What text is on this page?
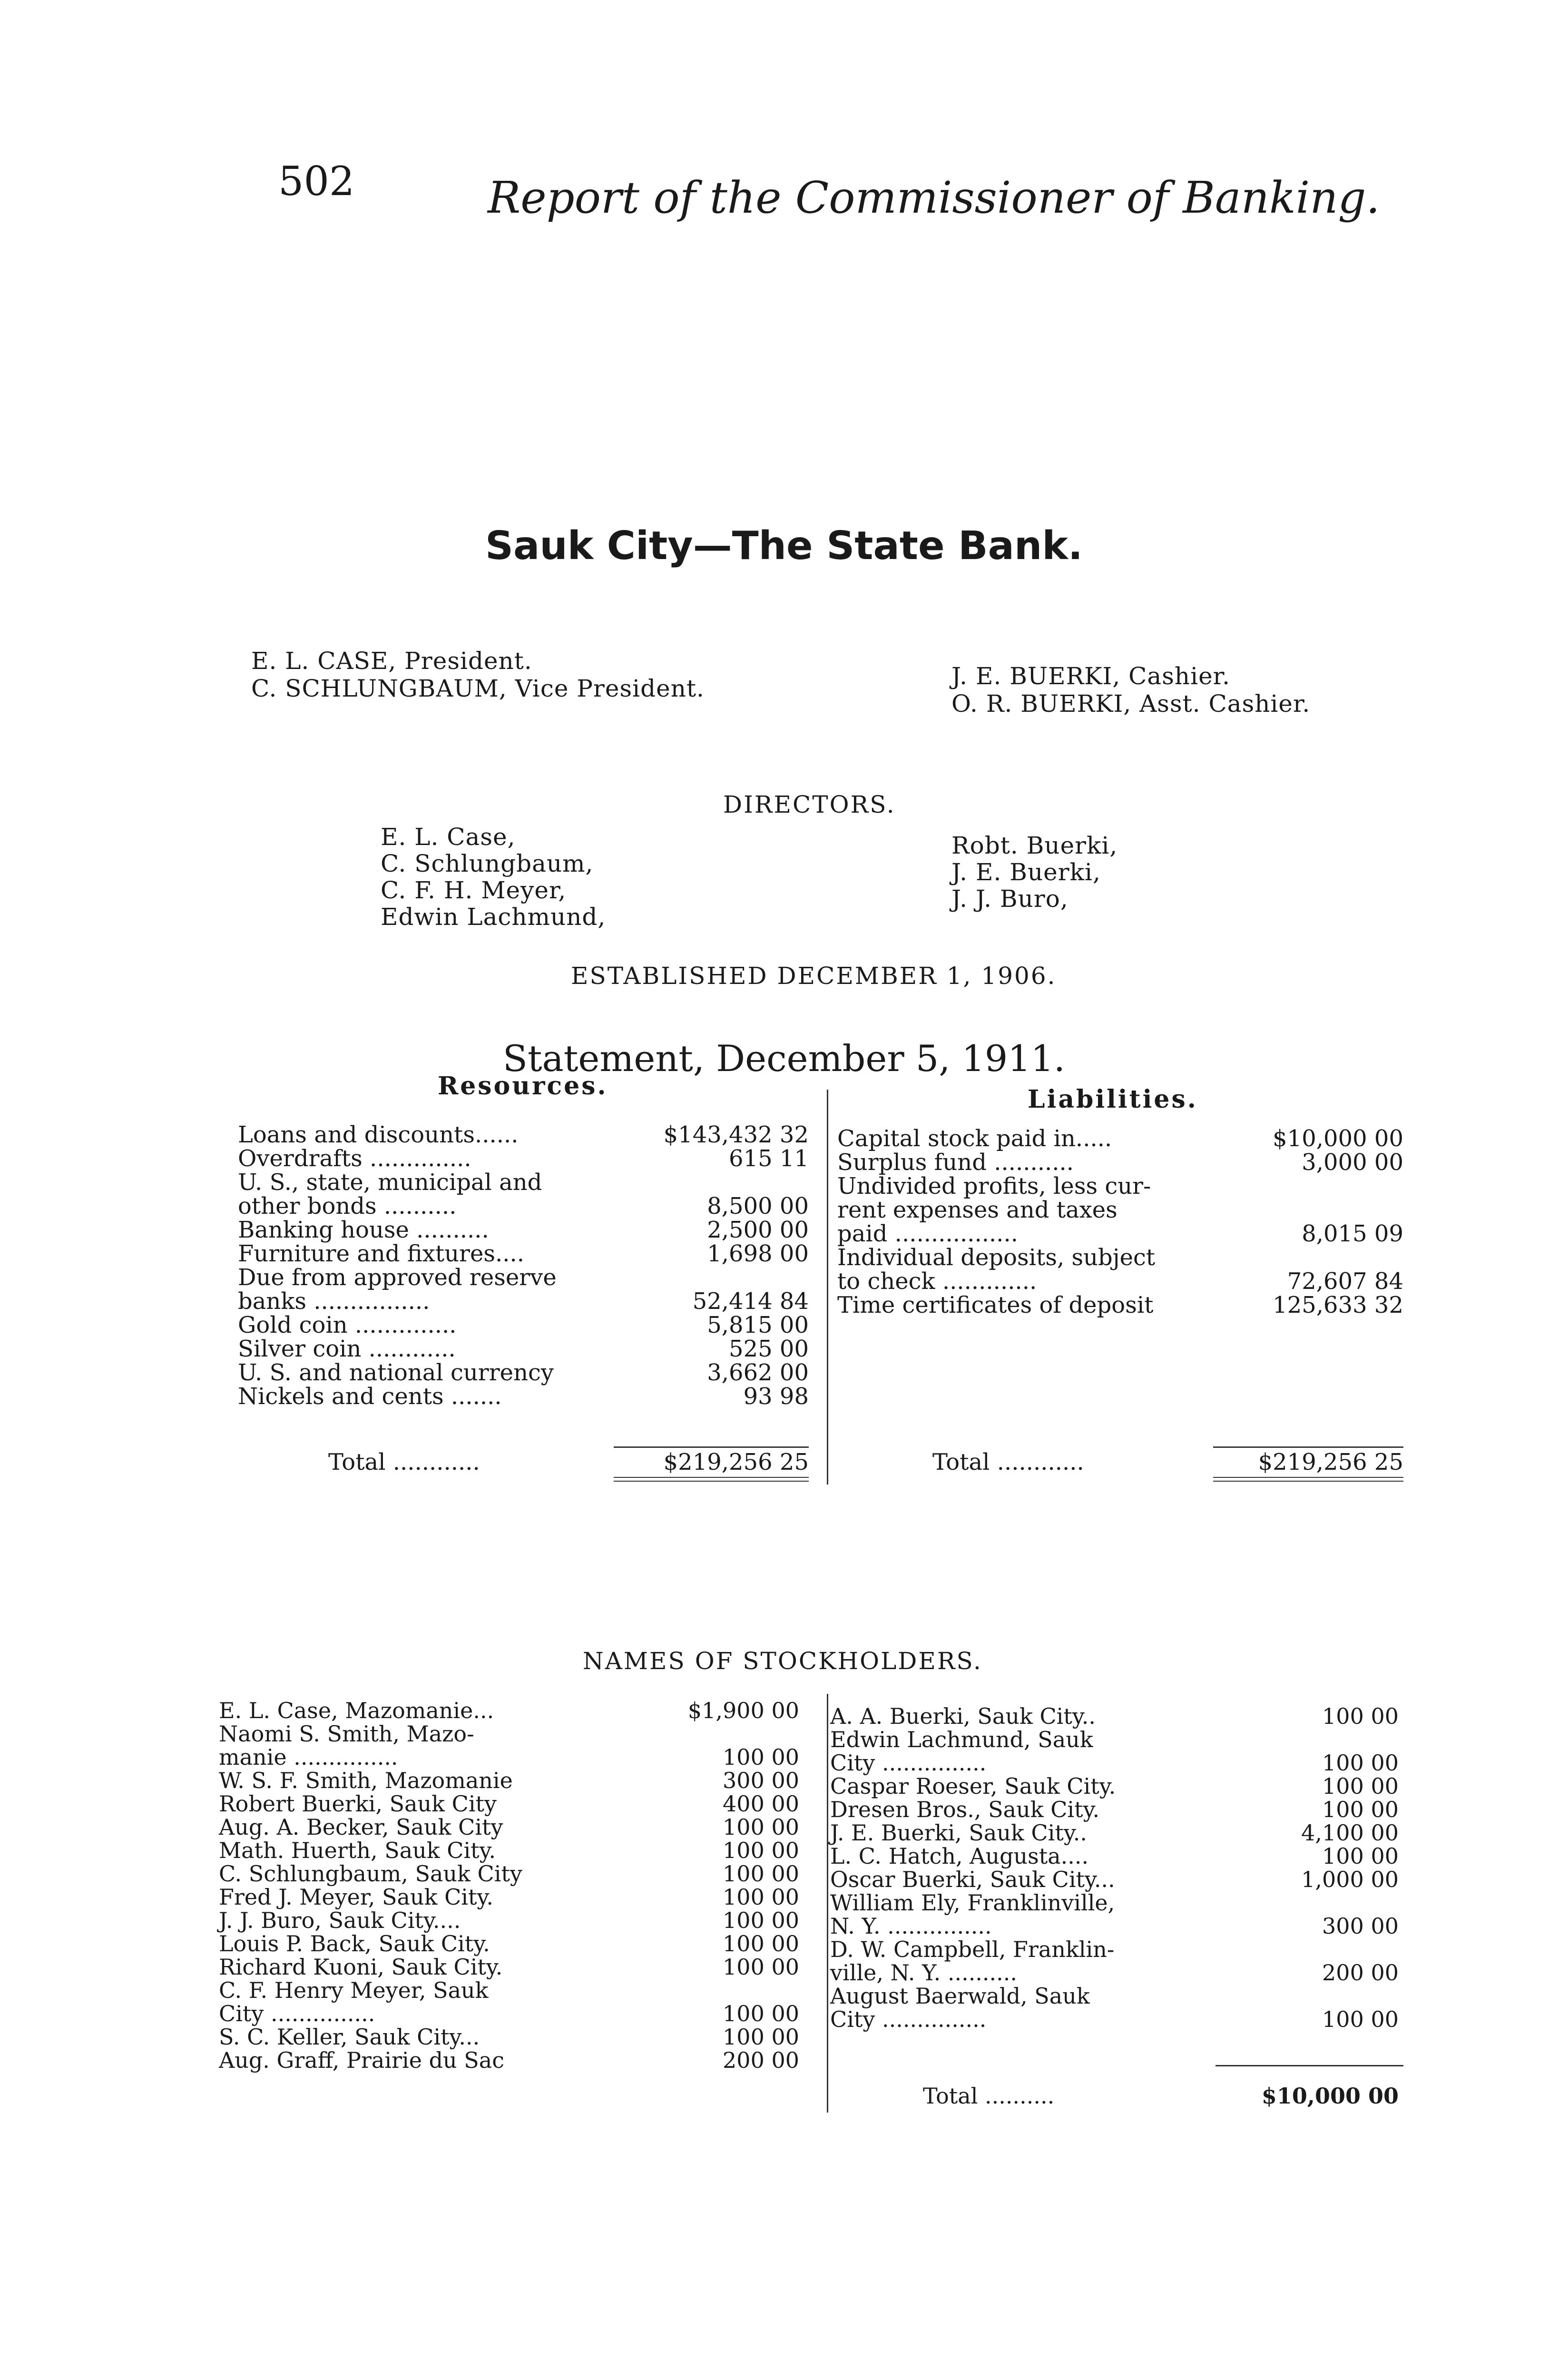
502	Report of the Commissioner of Banking.
Sauk City—The State Bank.
E. L. CASE, President.
C. SCHLUNGBAUM, Vice President.	J. E. BUERKI, Cashier.
O. R. BUERKI, Asst. Cashier.
DIRECTORS.
E. L. Case,
C. Schlungbaum,
C. F. H. Meyer,
Edwin Lachmund,
Robt. Buerki,
J. E. Buerki,
J. J. Buro,
ESTABLISHED DECEMBER 1, 1906.
Statement, December 5, 1911.
Resources.	Liabilities.
Loans and discounts......	$143,432 32
Overdrafts ..............	615 11
U. S., state, municipal and
other bonds ..........	8,500 00
Banking house ..........	2,500 00
Furniture and fixtures....	1,698 00
Due from approved reserve
banks ................	52,414 84
Gold coin ..............	5,815 00
Silver coin ............	525 00
U. S. and national currency	3,662 00
Nickels and cents .......	93 98
Capital stock paid in.....	$10,000 00
Surplus fund ...........	3,000 00
Undivided profits, less cur-
rent expenses and taxes
paid .................	8,015 09
Individual deposits, subject
to check .............	72,607 84
Time certificates of deposit	125,633 32
Total ............	$219,256 25	Total ............	$219,256 25
NAMES OF STOCKHOLDERS.
E. L. Case, Mazomanie...	$1,900 00
Naomi S. Smith, Mazo-
manie ...............	100 00
W. S. F. Smith, Mazomanie	300 00
Robert Buerki, Sauk City	400 00
Aug. A. Becker, Sauk City	100 00
Math. Huerth, Sauk City.	100 00
C. Schlungbaum, Sauk City	100 00
Fred J. Meyer, Sauk City.	100 00
J. J. Buro, Sauk City....	100 00
Louis P. Back, Sauk City.	100 00
Richard Kuoni, Sauk City.	100 00
C. F. Henry Meyer, Sauk
City ...............	100 00
S. C. Keller, Sauk City...	100 00
Aug. Graff, Prairie du Sac	200 00
A. A. Buerki, Sauk City..	100 00
Edwin Lachmund, Sauk
City ...............	100 00
Caspar Roeser, Sauk City.	100 00
Dresen Bros., Sauk City.	100 00
J. E. Buerki, Sauk City..	4,100 00
L. C. Hatch, Augusta....	100 00
Oscar Buerki, Sauk City...	1,000 00
William Ely, Franklinville,
N. Y. ...............	300 00
D. W. Campbell, Franklin-
ville, N. Y. ..........	200 00
August Baerwald, Sauk
City ...............	100 00
Total ..........	$10,000 00
